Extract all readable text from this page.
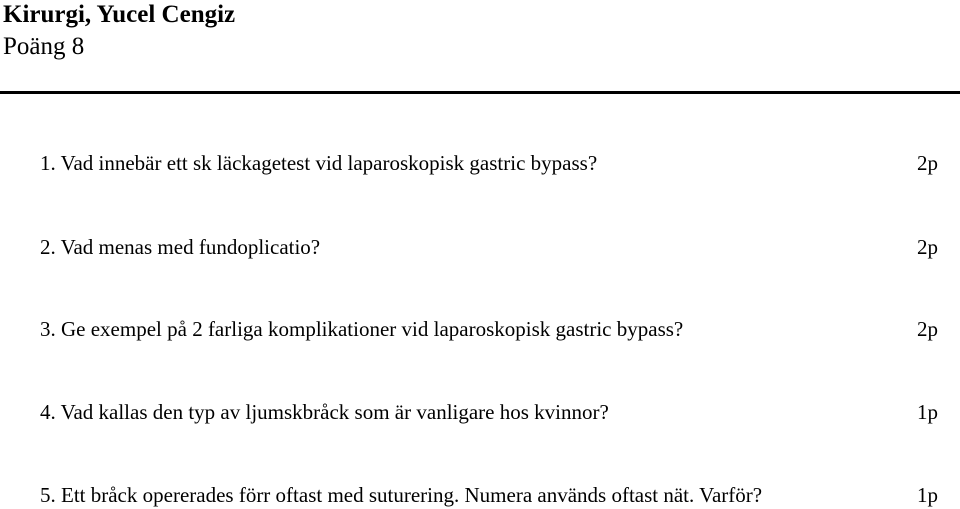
Kirurgi, Yucel Cengiz
Poäng 8
1. Vad innebär ett sk läckagetest vid laparoskopisk gastric bypass?	2p
2. Vad menas med fundoplicatio?	2p
3. Ge exempel på 2 farliga komplikationer vid laparoskopisk gastric bypass?	2p
4. Vad kallas den typ av ljumskbråck som är vanligare hos kvinnor?	1p
5. Ett bråck opererades förr oftast med suturering. Numera används oftast nät. Varför?	1p
